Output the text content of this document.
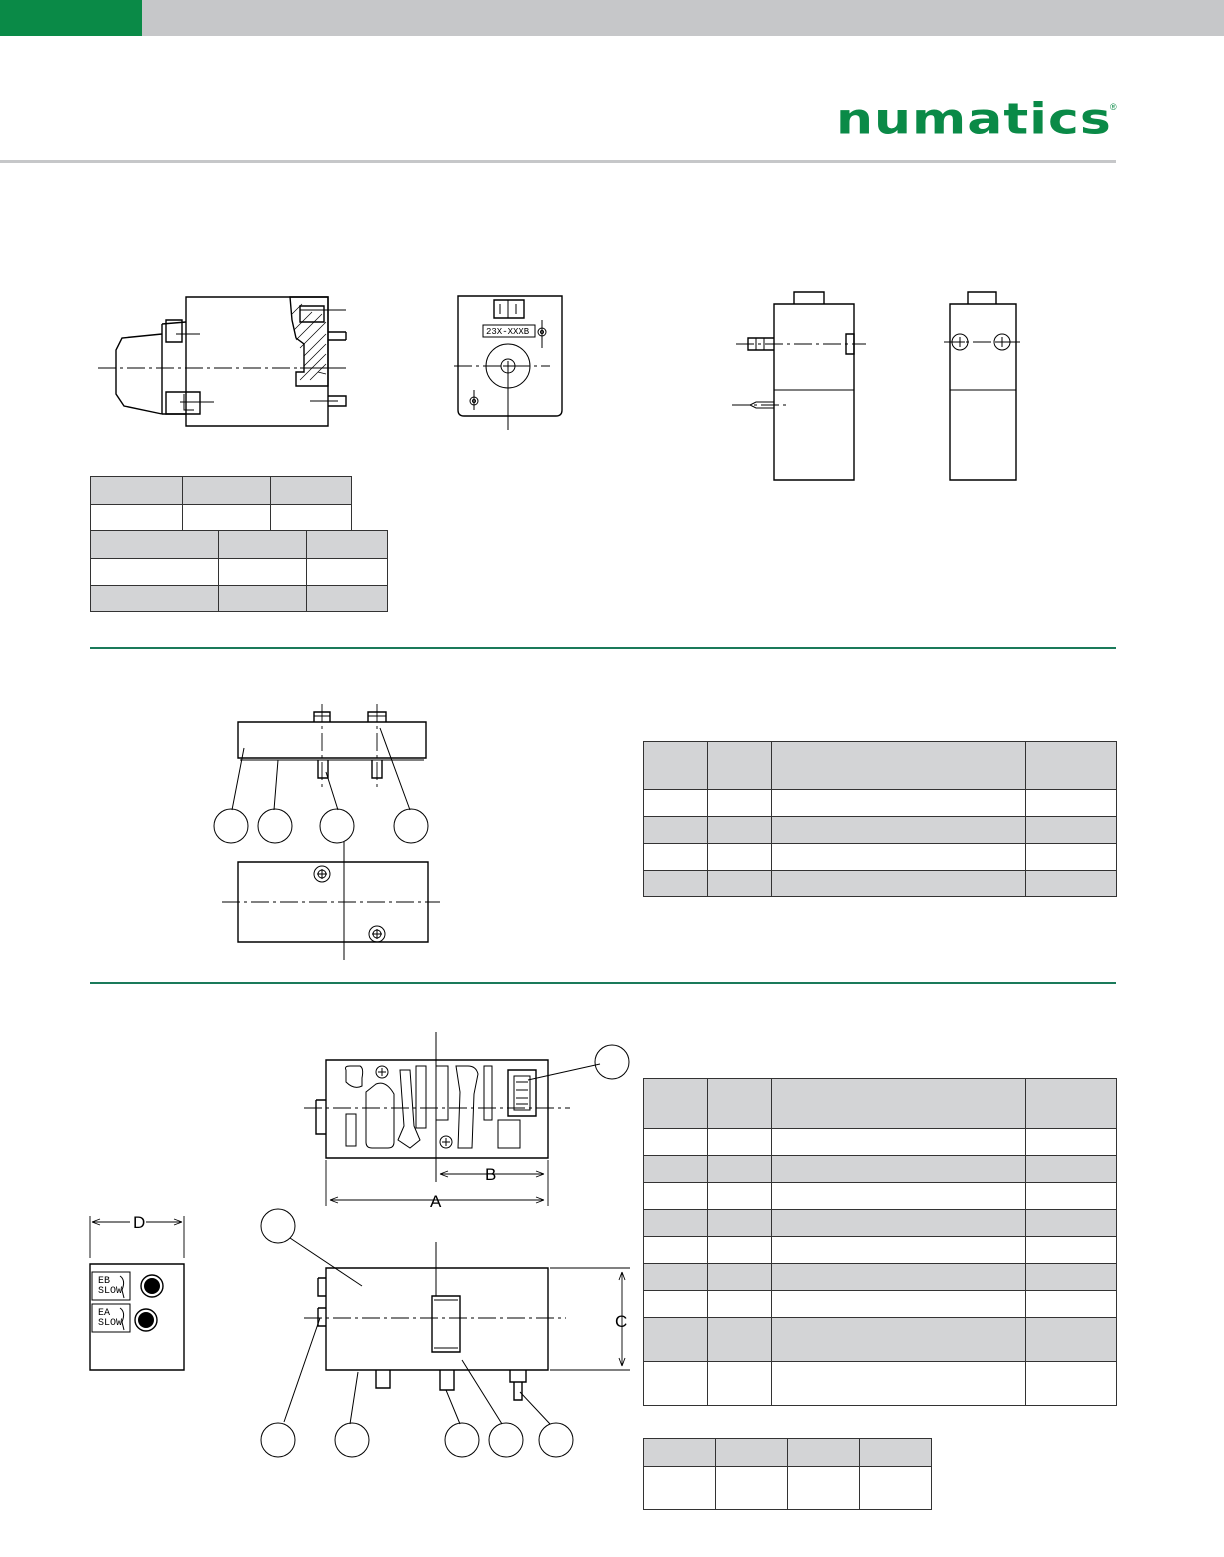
numatics
®
23X-XXXB

A
B
C
D
EB
SLOW
EA
SLOW
